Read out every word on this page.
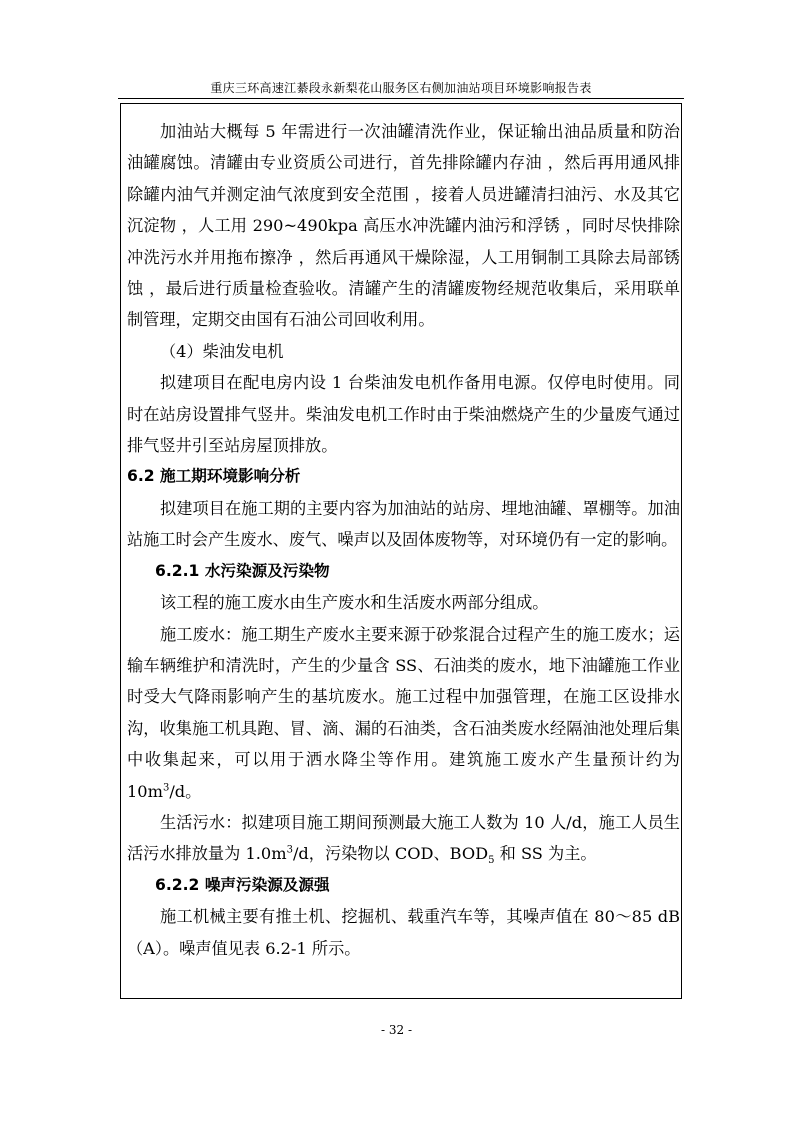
重庆三环高速江綦段永新梨花山服务区右侧加油站项目环境影响报告表

加油站大概每 5 年需进行一次油罐清洗作业，保证输出油品质量和防治油罐腐蚀。清罐由专业资质公司进行，首先排除罐内存油 ，然后再用通风排除罐内油气并测定油气浓度到安全范围 ，接着人员进罐清扫油污、水及其它沉淀物 ，人工用 290~490kpa 高压水冲洗罐内油污和浮锈 ，同时尽快排除冲洗污水并用拖布擦净 ，然后再通风干燥除湿，人工用铜制工具除去局部锈蚀 ，最后进行质量检查验收。清罐产生的清罐废物经规范收集后，采用联单制管理，定期交由国有石油公司回收利用。

（4）柴油发电机

拟建项目在配电房内设 1 台柴油发电机作备用电源。仅停电时使用。同时在站房设置排气竖井。柴油发电机工作时由于柴油燃烧产生的少量废气通过排气竖井引至站房屋顶排放。

6.2 施工期环境影响分析

拟建项目在施工期的主要内容为加油站的站房、埋地油罐、罩棚等。加油站施工时会产生废水、废气、噪声以及固体废物等，对环境仍有一定的影响。

6.2.1 水污染源及污染物

该工程的施工废水由生产废水和生活废水两部分组成。

施工废水：施工期生产废水主要来源于砂浆混合过程产生的施工废水；运输车辆维护和清洗时，产生的少量含 SS、石油类的废水，地下油罐施工作业时受大气降雨影响产生的基坑废水。施工过程中加强管理，在施工区设排水沟，收集施工机具跑、冒、滴、漏的石油类，含石油类废水经隔油池处理后集中收集起来，可以用于洒水降尘等作用。建筑施工废水产生量预计约为 $10m^3/d$。

生活污水：拟建项目施工期间预测最大施工人数为 10 人/d，施工人员生活污水排放量为 $1.0m^3/d$，污染物以 COD、$BOD_5$ 和 SS 为主。

6.2.2 噪声污染源及源强

施工机械主要有推土机、挖掘机、载重汽车等，其噪声值在 80～85 dB（A）。噪声值见表 6.2-1 所示。

- 32 -
